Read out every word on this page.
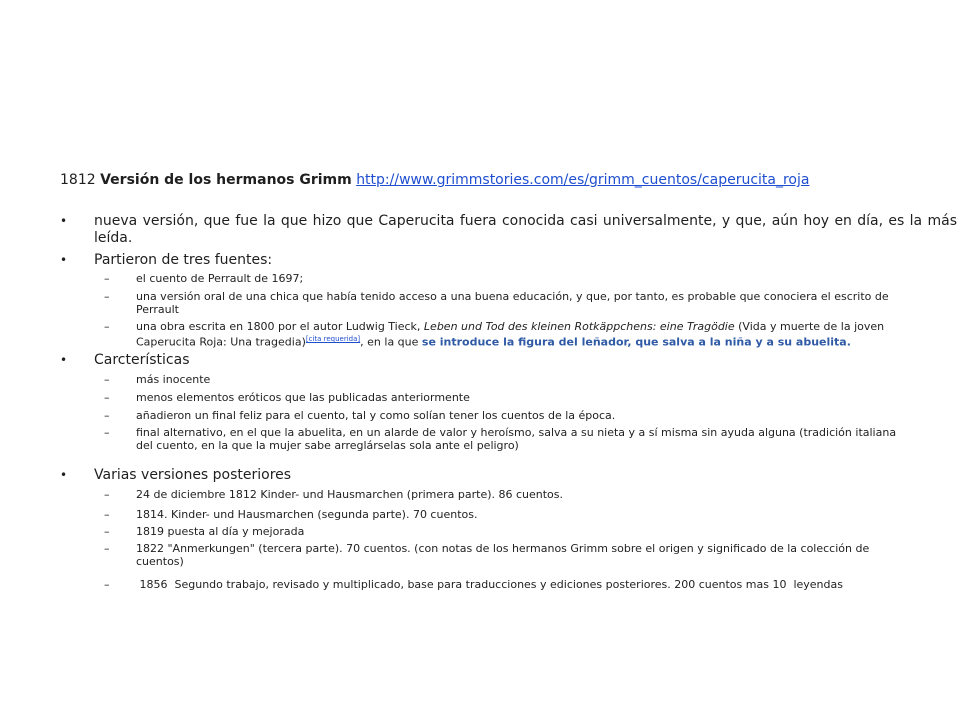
1812 Versión de los hermanos Grimm http://www.grimmstories.com/es/grimm_cuentos/caperucita_roja
• nueva versión, que fue la que hizo que Caperucita fuera conocida casi universalmente, y que, aún hoy en día, es la más leída.
• Partieron de tres fuentes:
– el cuento de Perrault de 1697;
– una versión oral de una chica que había tenido acceso a una buena educación, y que, por tanto, es probable que conociera el escrito de Perrault
– una obra escrita en 1800 por el autor Ludwig Tieck, Leben und Tod des kleinen Rotkäppchens: eine Tragödie (Vida y muerte de la joven Caperucita Roja: Una tragedia)[cita requerida], en la que se introduce la figura del leñador, que salva a la niña y a su abuelita.
• Carcterísticas
– más inocente
– menos elementos eróticos que las publicadas anteriormente
– añadieron un final feliz para el cuento, tal y como solían tener los cuentos de la época.
– final alternativo, en el que la abuelita, en un alarde de valor y heroísmo, salva a su nieta y a sí misma sin ayuda alguna (tradición italiana del cuento, en la que la mujer sabe arreglárselas sola ante el peligro)
• Varias versiones posteriores
– 24 de diciembre 1812 Kinder- und Hausmarchen (primera parte). 86 cuentos.
– 1814. Kinder- und Hausmarchen (segunda parte). 70 cuentos.
– 1819 puesta al día y mejorada
– 1822 "Anmerkungen" (tercera parte). 70 cuentos. (con notas de los hermanos Grimm sobre el origen y significado de la colección de cuentos)
– 1856  Segundo trabajo, revisado y multiplicado, base para traducciones y ediciones posteriores. 200 cuentos mas 10  leyendas
